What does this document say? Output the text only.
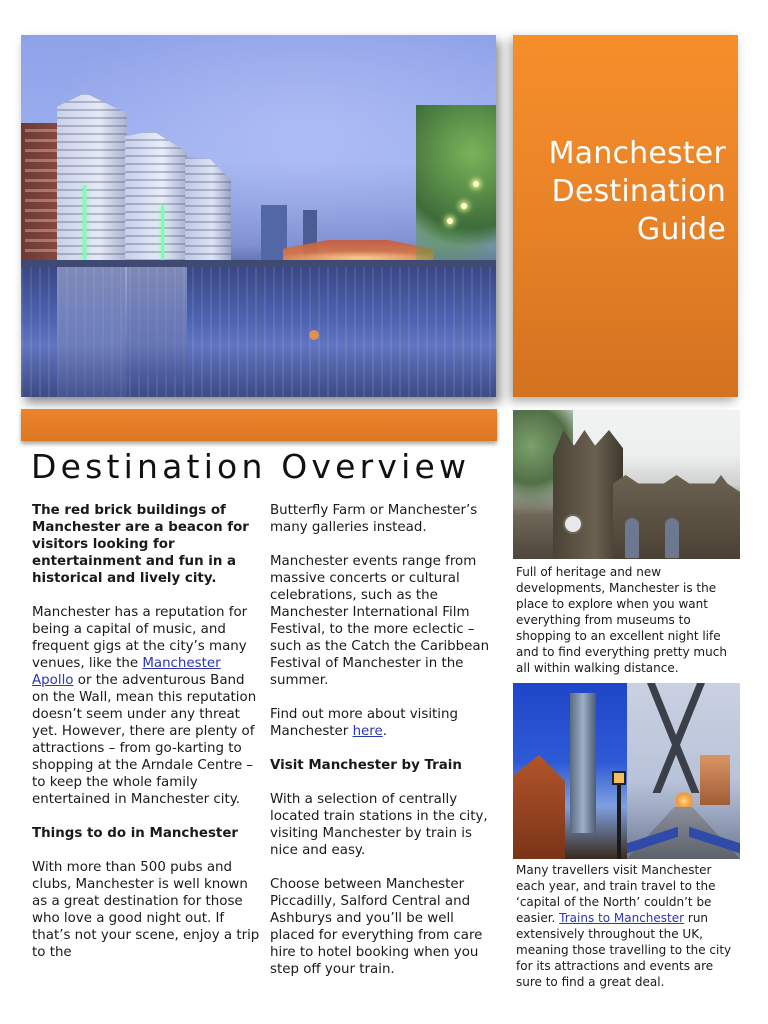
Manchester
Destination
Guide
Destination Overview

The red brick buildings of Manchester are a beacon for visitors looking for entertainment and fun in a historical and lively city.

Manchester has a reputation for being a capital of music, and frequent gigs at the city’s many venues, like the Manchester Apollo or the adventurous Band on the Wall, mean this reputation doesn’t seem under any threat yet. However, there are plenty of attractions – from go-karting to shopping at the Arndale Centre – to keep the whole family entertained in Manchester city.

Things to do in Manchester

With more than 500 pubs and clubs, Manchester is well known as a great destination for those who love a good night out. If that’s not your scene, enjoy a trip to the

Butterfly Farm or Manchester’s many galleries instead.

Manchester events range from massive concerts or cultural celebrations, such as the Manchester International Film Festival, to the more eclectic – such as the Catch the Caribbean Festival of Manchester in the summer.

Find out more about visiting Manchester here.

Visit Manchester by Train

With a selection of centrally located train stations in the city, visiting Manchester by train is nice and easy.

Choose between Manchester Piccadilly, Salford Central and Ashburys and you’ll be well placed for everything from care hire to hotel booking when you step off your train.

Full of heritage and new developments, Manchester is the place to explore when you want everything from museums to shopping to an excellent night life and to find everything pretty much all within walking distance.

Many travellers visit Manchester each year, and train travel to the ‘capital of the North’ couldn’t be easier. Trains to Manchester run extensively throughout the UK, meaning those travelling to the city for its attractions and events are sure to find a great deal.
